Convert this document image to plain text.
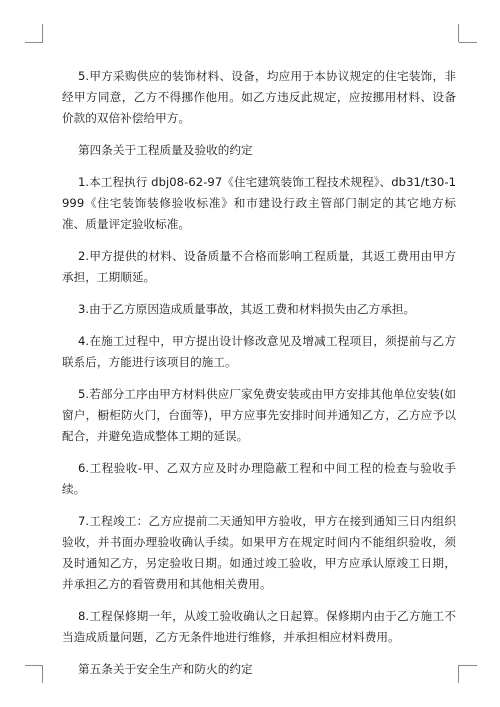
5.甲方采购供应的装饰材料、设备，均应用于本协议规定的住宅装饰，非经甲方同意，乙方不得挪作他用。如乙方违反此规定，应按挪用材料、设备价款的双倍补偿给甲方。

第四条关于工程质量及验收的约定

1.本工程执行 dbj08-62-97《住宅建筑装饰工程技术规程》、db31/t30-1999《住宅装饰装修验收标准》和市建设行政主管部门制定的其它地方标准、质量评定验收标准。

2.甲方提供的材料、设备质量不合格而影响工程质量，其返工费用由甲方承担，工期顺延。

3.由于乙方原因造成质量事故，其返工费和材料损失由乙方承担。

4.在施工过程中，甲方提出设计修改意见及增减工程项目，须提前与乙方联系后，方能进行该项目的施工。

5.若部分工序由甲方材料供应厂家免费安装或由甲方安排其他单位安装(如窗户，橱柜防火门，台面等)，甲方应事先安排时间并通知乙方，乙方应予以配合，并避免造成整体工期的延误。

6.工程验收-甲、乙双方应及时办理隐蔽工程和中间工程的检查与验收手续。

7.工程竣工：乙方应提前二天通知甲方验收，甲方在接到通知三日内组织验收，并书面办理验收确认手续。如果甲方在规定时间内不能组织验收，须及时通知乙方，另定验收日期。如通过竣工验收，甲方应承认原竣工日期，并承担乙方的看管费用和其他相关费用。

8.工程保修期一年，从竣工验收确认之日起算。保修期内由于乙方施工不当造成质量问题，乙方无条件地进行维修，并承担相应材料费用。

第五条关于安全生产和防火的约定
